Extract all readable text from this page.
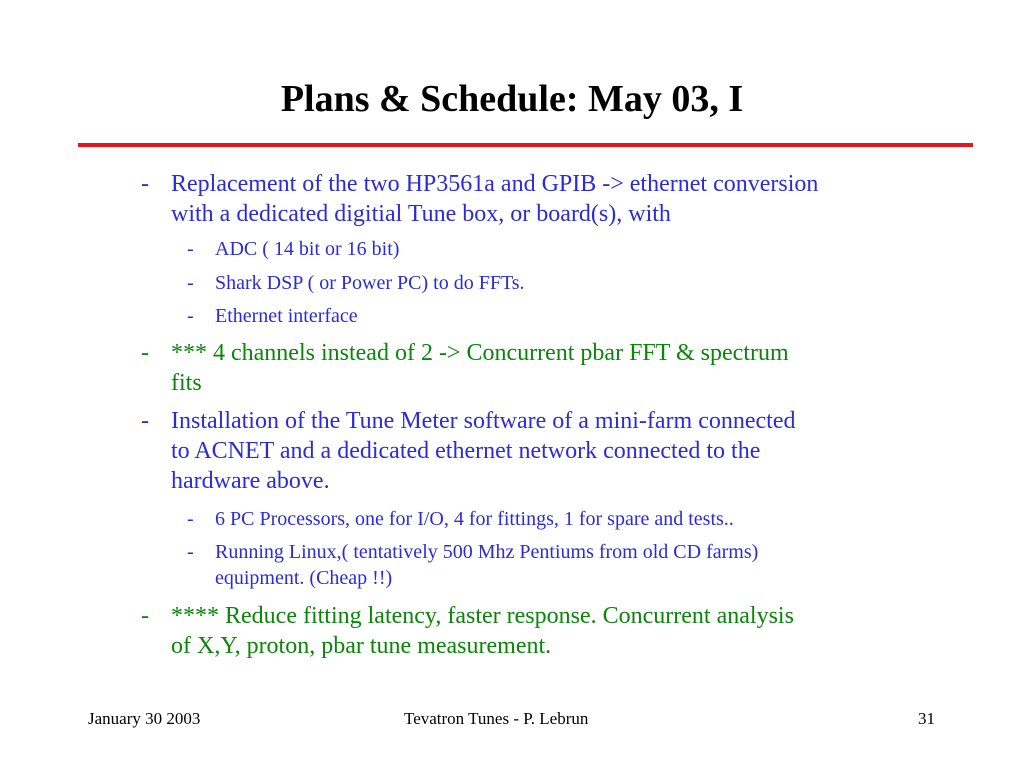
Plans & Schedule: May 03, I
- Replacement of the two HP3561a and GPIB -> ethernet conversion
with a dedicated digitial Tune box, or board(s), with
- ADC ( 14 bit or 16 bit)
- Shark DSP ( or Power PC) to do FFTs.
- Ethernet interface
- *** 4 channels instead of 2 -> Concurrent pbar FFT & spectrum
fits
- Installation of the Tune Meter software of a mini-farm connected
to ACNET and a dedicated ethernet network connected to the
hardware above.
- 6 PC Processors, one for I/O, 4 for fittings, 1 for spare and tests..
- Running Linux,( tentatively 500 Mhz Pentiums from old CD farms)
equipment. (Cheap !!)
- **** Reduce fitting latency, faster response. Concurrent analysis
of X,Y, proton, pbar tune measurement.
January 30 2003	Tevatron Tunes - P. Lebrun	31
